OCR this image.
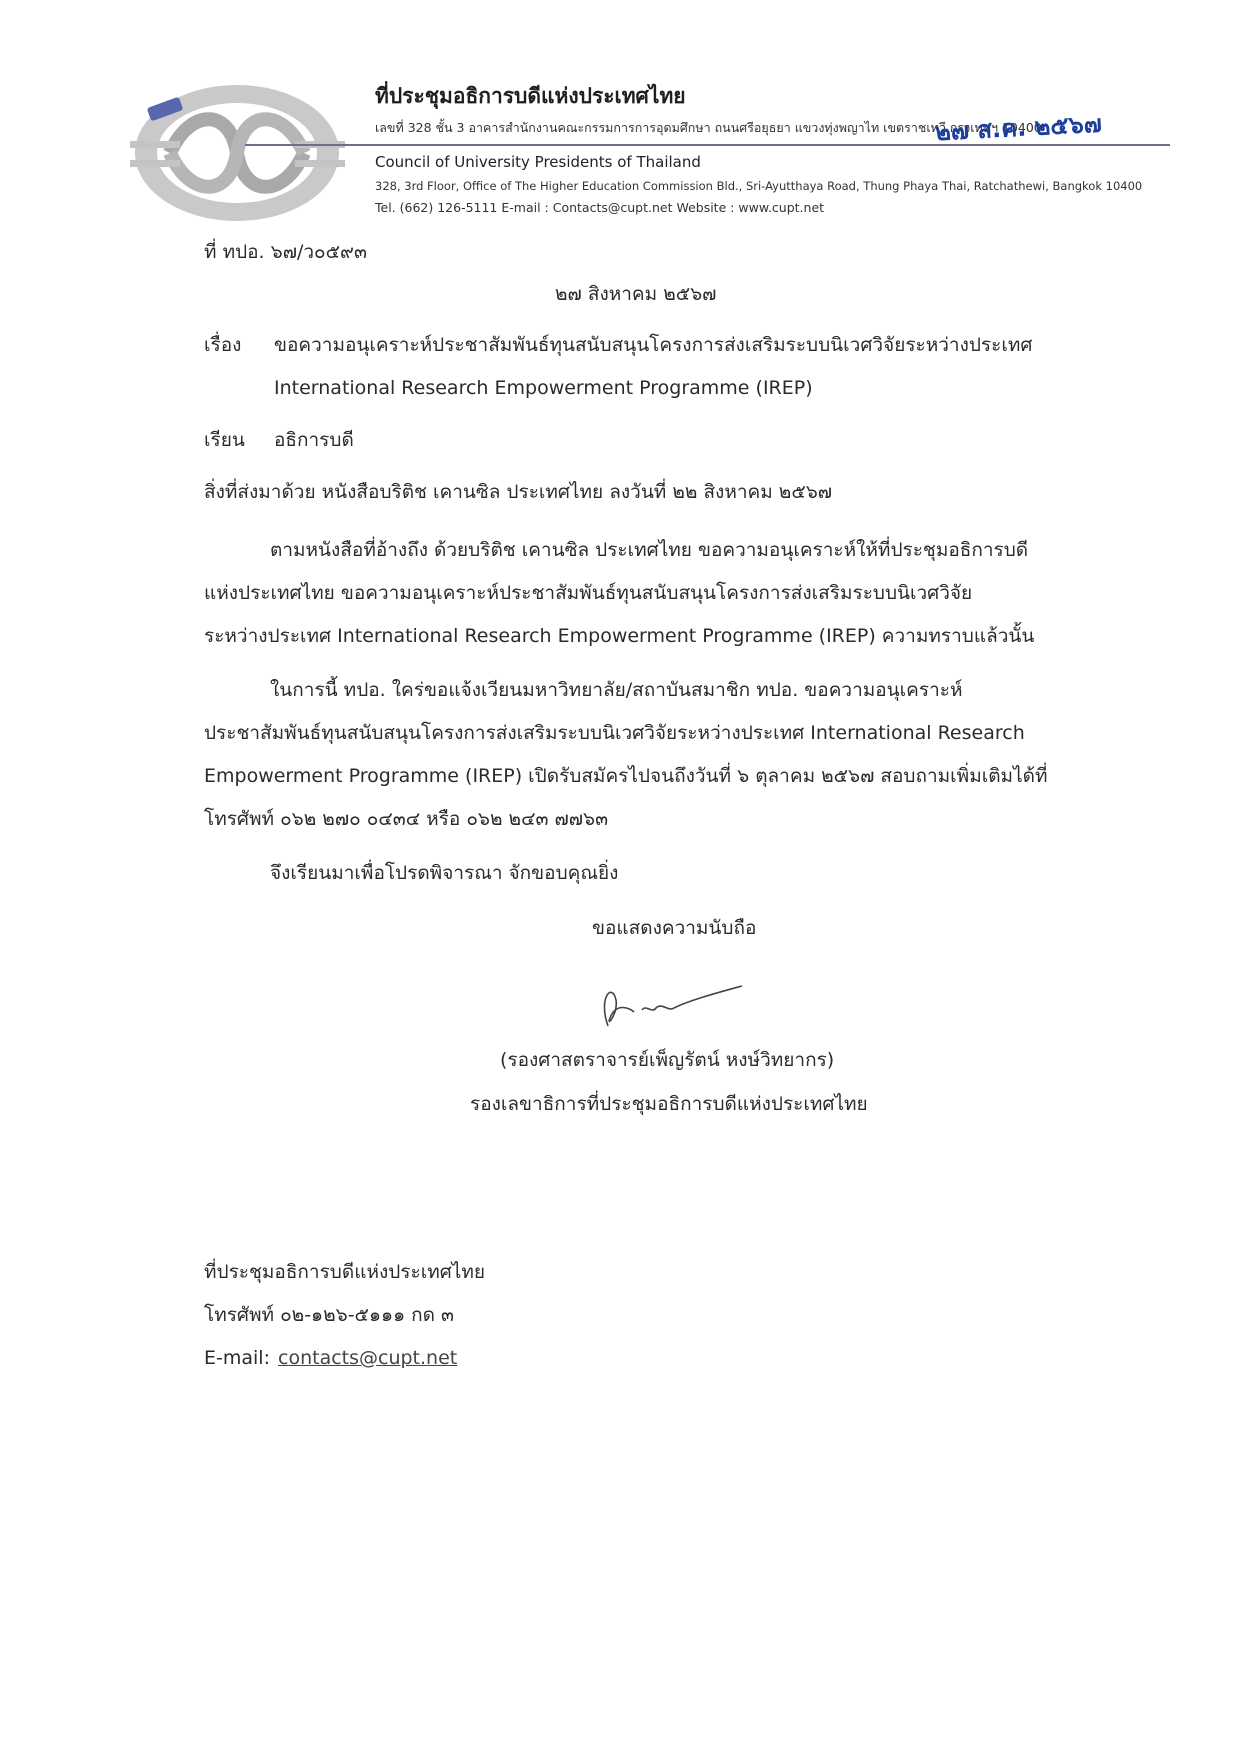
ที่ประชุมอธิการบดีแห่งประเทศไทย
เลขที่ 328 ชั้น 3 อาคารสำนักงานคณะกรรมการการอุดมศึกษา ถนนศรีอยุธยา แขวงทุ่งพญาไท เขตราชเทวี กรุงเทพฯ 10400
Council of University Presidents of Thailand
328, 3rd Floor, Office of The Higher Education Commission Bld., Sri-Ayutthaya Road, Thung Phaya Thai, Ratchathewi, Bangkok 10400
Tel. (662) 126-5111 E-mail : Contacts@cupt.net Website : www.cupt.net
๒๗ ส.ค. ๒๕๖๗
ที่ ทปอ. ๖๗/ว๐๕๙๓
๒๗ สิงหาคม ๒๕๖๗
เรื่อง ขอความอนุเคราะห์ประชาสัมพันธ์ทุนสนับสนุนโครงการส่งเสริมระบบนิเวศวิจัยระหว่างประเทศ
International Research Empowerment Programme (IREP)
เรียน อธิการบดี
สิ่งที่ส่งมาด้วย หนังสือบริติช เคานซิล ประเทศไทย ลงวันที่ ๒๒ สิงหาคม ๒๕๖๗
ตามหนังสือที่อ้างถึง ด้วยบริติช เคานซิล ประเทศไทย ขอความอนุเคราะห์ให้ที่ประชุมอธิการบดี
แห่งประเทศไทย ขอความอนุเคราะห์ประชาสัมพันธ์ทุนสนับสนุนโครงการส่งเสริมระบบนิเวศวิจัย
ระหว่างประเทศ International Research Empowerment Programme (IREP) ความทราบแล้วนั้น
ในการนี้ ทปอ. ใคร่ขอแจ้งเวียนมหาวิทยาลัย/สถาบันสมาชิก ทปอ. ขอความอนุเคราะห์
ประชาสัมพันธ์ทุนสนับสนุนโครงการส่งเสริมระบบนิเวศวิจัยระหว่างประเทศ International Research
Empowerment Programme (IREP) เปิดรับสมัครไปจนถึงวันที่ ๖ ตุลาคม ๒๕๖๗ สอบถามเพิ่มเติมได้ที่
โทรศัพท์ ๐๖๒ ๒๗๐ ๐๔๓๔ หรือ ๐๖๒ ๒๔๓ ๗๗๖๓
จึงเรียนมาเพื่อโปรดพิจารณา จักขอบคุณยิ่ง
ขอแสดงความนับถือ
(รองศาสตราจารย์เพ็ญรัตน์ หงษ์วิทยากร)
รองเลขาธิการที่ประชุมอธิการบดีแห่งประเทศไทย
ที่ประชุมอธิการบดีแห่งประเทศไทย
โทรศัพท์ ๐๒-๑๒๖-๕๑๑๑ กด ๓
E-mail: contacts@cupt.net
